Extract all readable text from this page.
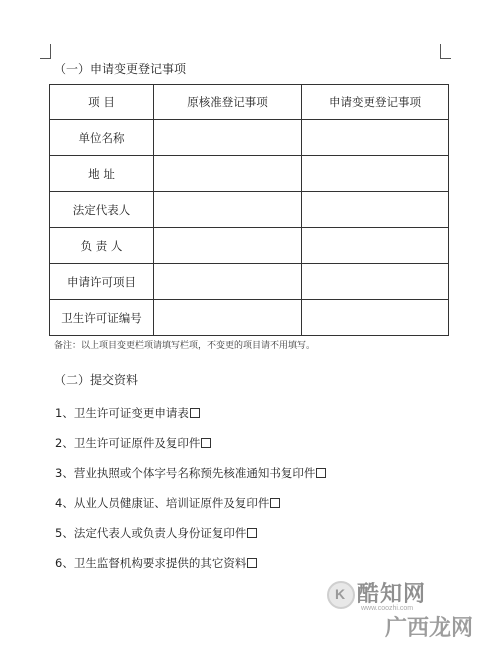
（一）申请变更登记事项
项 目	原核准登记事项	申请变更登记事项
单位名称		
地 址		
法定代表人		
负 责 人		
申请许可项目		
卫生许可证编号		
备注：以上项目变更栏项请填写栏项，不变更的项目请不用填写。
（二）提交资料
1、卫生许可证变更申请表
2、卫生许可证原件及复印件
3、营业执照或个体字号名称预先核准通知书复印件
4、从业人员健康证、培训证原件及复印件
5、法定代表人或负责人身份证复印件
6、卫生监督机构要求提供的其它资料
K 酷知网
www.coozhi.com
广西龙网
